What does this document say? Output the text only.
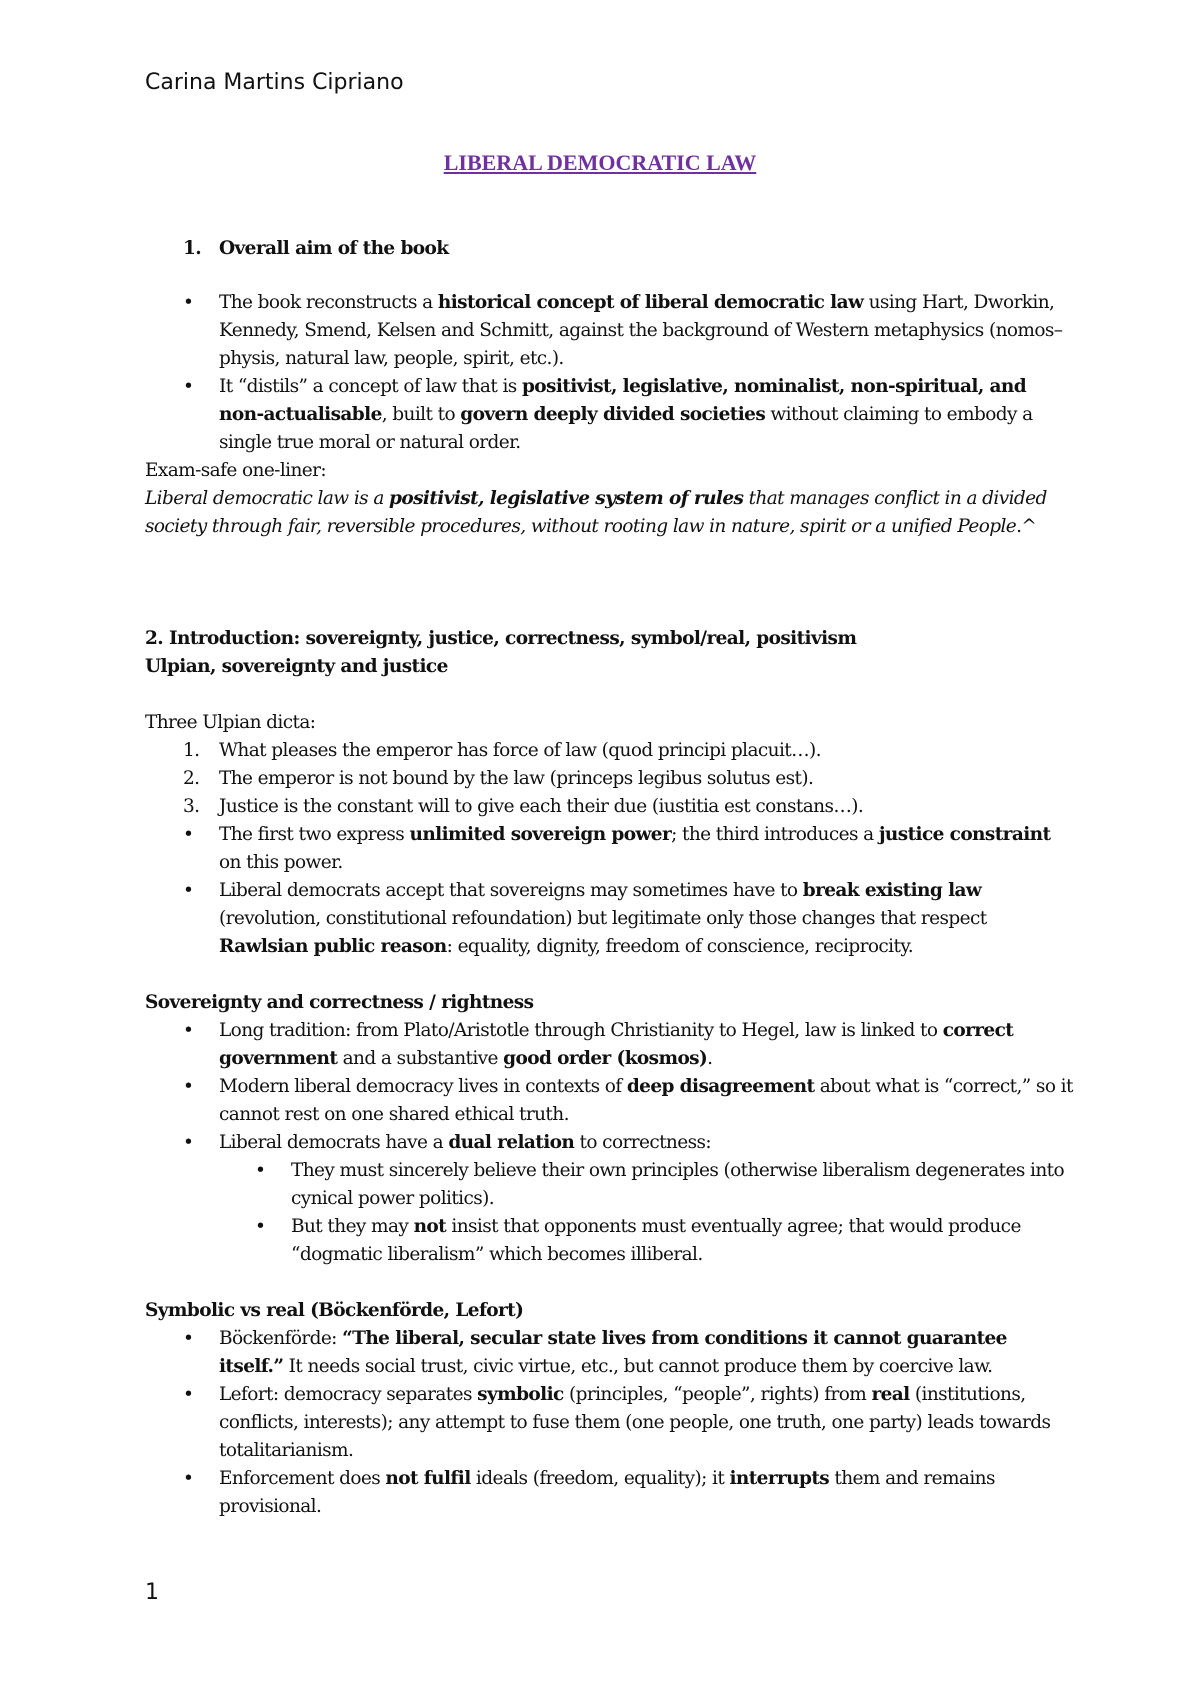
Carina Martins Cipriano
LIBERAL DEMOCRATIC LAW
1. Overall aim of the book
• The book reconstructs a historical concept of liberal democratic law using Hart, Dworkin, Kennedy, Smend, Kelsen and Schmitt, against the background of Western metaphysics (nomos–physis, natural law, people, spirit, etc.).
• It “distils” a concept of law that is positivist, legislative, nominalist, non-spiritual, and non-actualisable, built to govern deeply divided societies without claiming to embody a single true moral or natural order.

Exam-safe one-liner:

Liberal democratic law is a positivist, legislative system of rules that manages conflict in a divided society through fair, reversible procedures, without rooting law in nature, spirit or a unified People.^

2. Introduction: sovereignty, justice, correctness, symbol/real, positivism

Ulpian, sovereignty and justice

Three Ulpian dicta:

1. What pleases the emperor has force of law (quod principi placuit…).
2. The emperor is not bound by the law (princeps legibus solutus est).
3. Justice is the constant will to give each their due (iustitia est constans…).
• The first two express unlimited sovereign power; the third introduces a justice constraint on this power.
• Liberal democrats accept that sovereigns may sometimes have to break existing law (revolution, constitutional refoundation) but legitimate only those changes that respect Rawlsian public reason: equality, dignity, freedom of conscience, reciprocity.

Sovereignty and correctness / rightness

• Long tradition: from Plato/Aristotle through Christianity to Hegel, law is linked to correct government and a substantive good order (kosmos).
• Modern liberal democracy lives in contexts of deep disagreement about what is “correct,” so it cannot rest on one shared ethical truth.
• Liberal democrats have a dual relation to correctness:
• They must sincerely believe their own principles (otherwise liberalism degenerates into cynical power politics).
• But they may not insist that opponents must eventually agree; that would produce “dogmatic liberalism” which becomes illiberal.

Symbolic vs real (Böckenförde, Lefort)

• Böckenförde: “The liberal, secular state lives from conditions it cannot guarantee itself.” It needs social trust, civic virtue, etc., but cannot produce them by coercive law.
• Lefort: democracy separates symbolic (principles, “people”, rights) from real (institutions, conflicts, interests); any attempt to fuse them (one people, one truth, one party) leads towards totalitarianism.
• Enforcement does not fulfil ideals (freedom, equality); it interrupts them and remains provisional.
1
